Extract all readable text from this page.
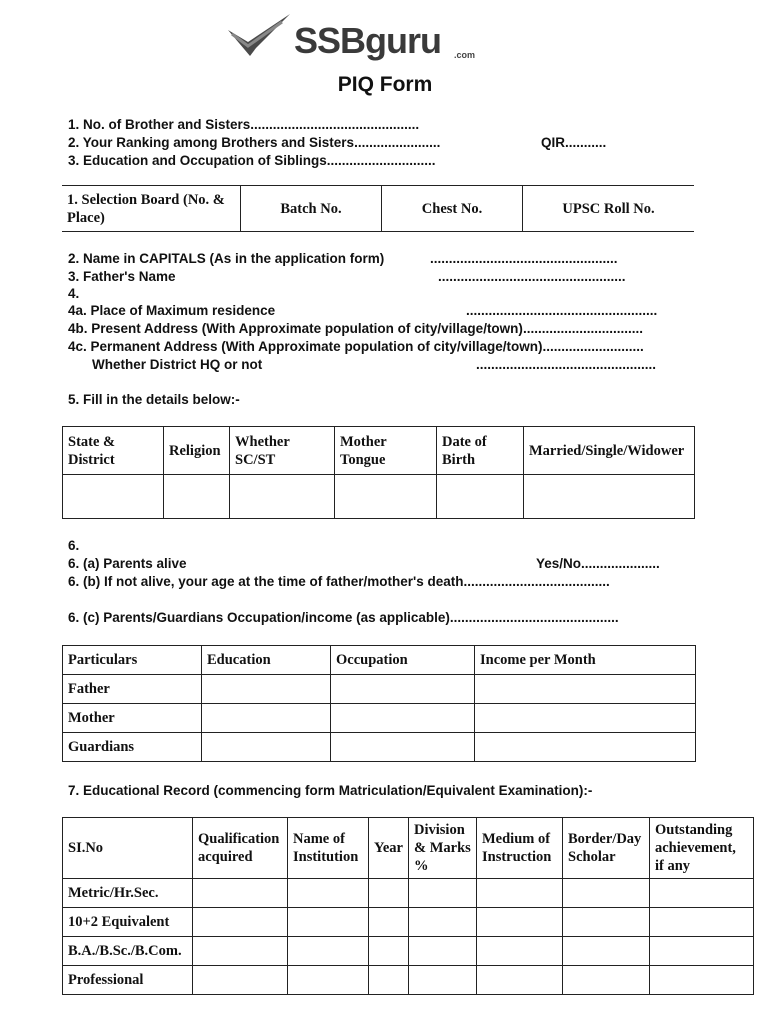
SSBguru .com
PIQ Form
1. No. of Brother and Sisters.............................................
2. Your Ranking among Brothers and Sisters.......................
3. Education and Occupation of Siblings.............................
QIR...........
1. Selection Board (No. & Place)	Batch No.	Chest No.	UPSC Roll No.
2. Name in CAPITALS (As in the application form)	..................................................
3. Father's Name	..................................................
4.
4a. Place of Maximum residence	...................................................
4b. Present Address (With Approximate population of city/village/town)................................
4c. Permanent Address (With Approximate population of city/village/town)...........................
Whether District HQ or not	................................................
5. Fill in the details below:-
State & District	Religion	Whether SC/ST	Mother Tongue	Date of Birth	Married/Single/Widower

6.
6. (a) Parents alive	Yes/No.....................
6. (b) If not alive, your age at the time of father/mother's death.......................................
6. (c) Parents/Guardians Occupation/income (as applicable).............................................
Particulars	Education	Occupation	Income per Month
Father			
Mother			
Guardians			
7. Educational Record (commencing form Matriculation/Equivalent Examination):-
SI.No	Qualification acquired	Name of Institution	Year	Division & Marks %	Medium of Instruction	Border/Day Scholar	Outstanding achievement, if any
Metric/Hr.Sec.							
10+2 Equivalent							
B.A./B.Sc./B.Com.							
Professional							
